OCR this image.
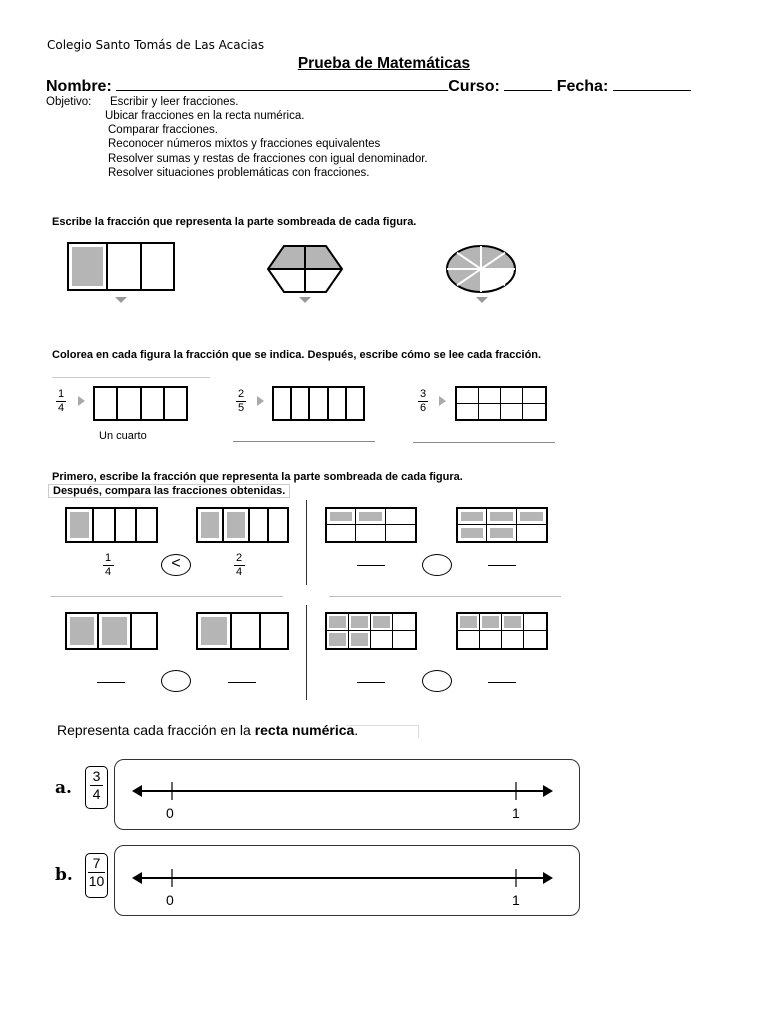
Colegio Santo Tomás de Las Acacias
Prueba de Matemáticas
Nombre:	Curso:	Fecha:
Objetivo: Escribir y leer fracciones.
Ubicar fracciones en la recta numérica.
Comparar fracciones.
Reconocer números mixtos y fracciones equivalentes
Resolver sumas y restas de fracciones con igual denominador.
Resolver situaciones problemáticas con fracciones.
Escribe la fracción que representa la parte sombreada de cada figura.
Colorea en cada figura la fracción que se indica. Después, escribe cómo se lee cada fracción.
1
4
Un cuarto
2
5
3
6
Primero, escribe la fracción que representa la parte sombreada de cada figura.
Después, compara las fracciones obtenidas.
1
4	<	2
4
Representa cada fracción en la recta numérica.
a.
3
4
0	1
b.
7
10
0	1
